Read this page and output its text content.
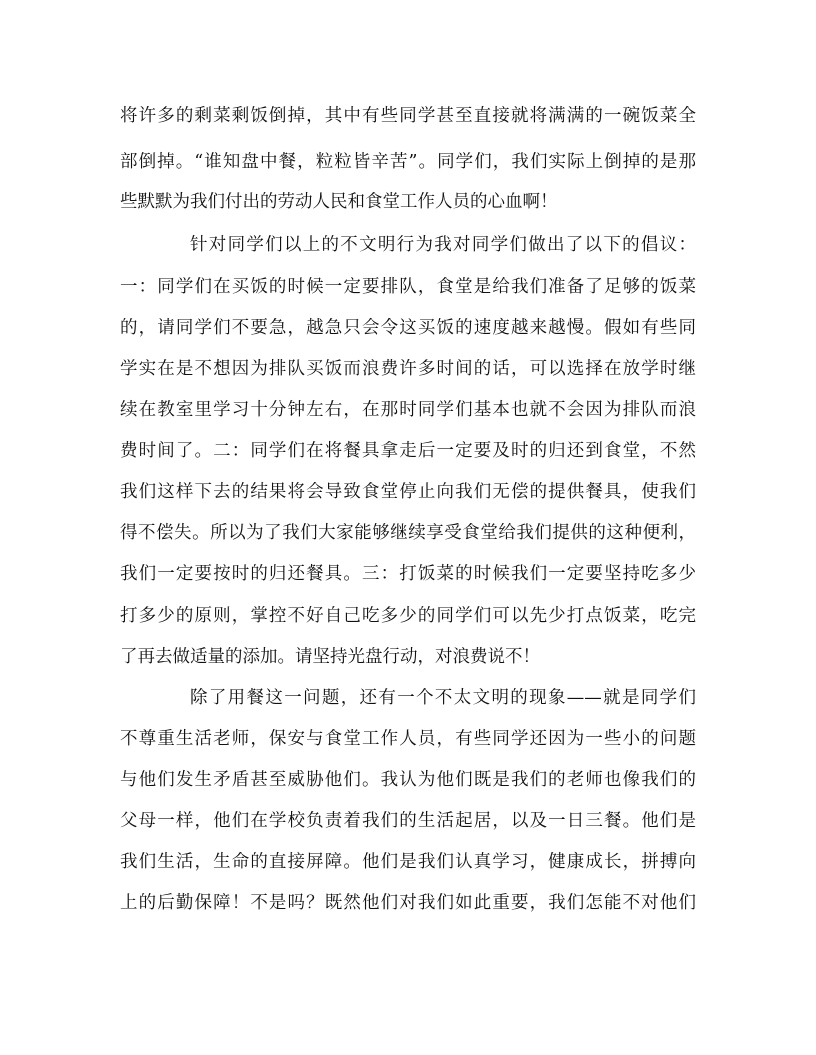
将许多的剩菜剩饭倒掉，其中有些同学甚至直接就将满满的一碗饭菜全
部倒掉。“谁知盘中餐，粒粒皆辛苦”。同学们，我们实际上倒掉的是那
些默默为我们付出的劳动人民和食堂工作人员的心血啊！
针对同学们以上的不文明行为我对同学们做出了以下的倡议：
一：同学们在买饭的时候一定要排队，食堂是给我们准备了足够的饭菜
的，请同学们不要急，越急只会令这买饭的速度越来越慢。假如有些同
学实在是不想因为排队买饭而浪费许多时间的话，可以选择在放学时继
续在教室里学习十分钟左右，在那时同学们基本也就不会因为排队而浪
费时间了。二：同学们在将餐具拿走后一定要及时的归还到食堂，不然
我们这样下去的结果将会导致食堂停止向我们无偿的提供餐具，使我们
得不偿失。所以为了我们大家能够继续享受食堂给我们提供的这种便利，
我们一定要按时的归还餐具。三：打饭菜的时候我们一定要坚持吃多少
打多少的原则，掌控不好自己吃多少的同学们可以先少打点饭菜，吃完
了再去做适量的添加。请坚持光盘行动，对浪费说不！
除了用餐这一问题，还有一个不太文明的现象——就是同学们
不尊重生活老师，保安与食堂工作人员，有些同学还因为一些小的问题
与他们发生矛盾甚至威胁他们。我认为他们既是我们的老师也像我们的
父母一样，他们在学校负责着我们的生活起居，以及一日三餐。他们是
我们生活，生命的直接屏障。他们是我们认真学习，健康成长，拼搏向
上的后勤保障！不是吗？既然他们对我们如此重要，我们怎能不对他们
